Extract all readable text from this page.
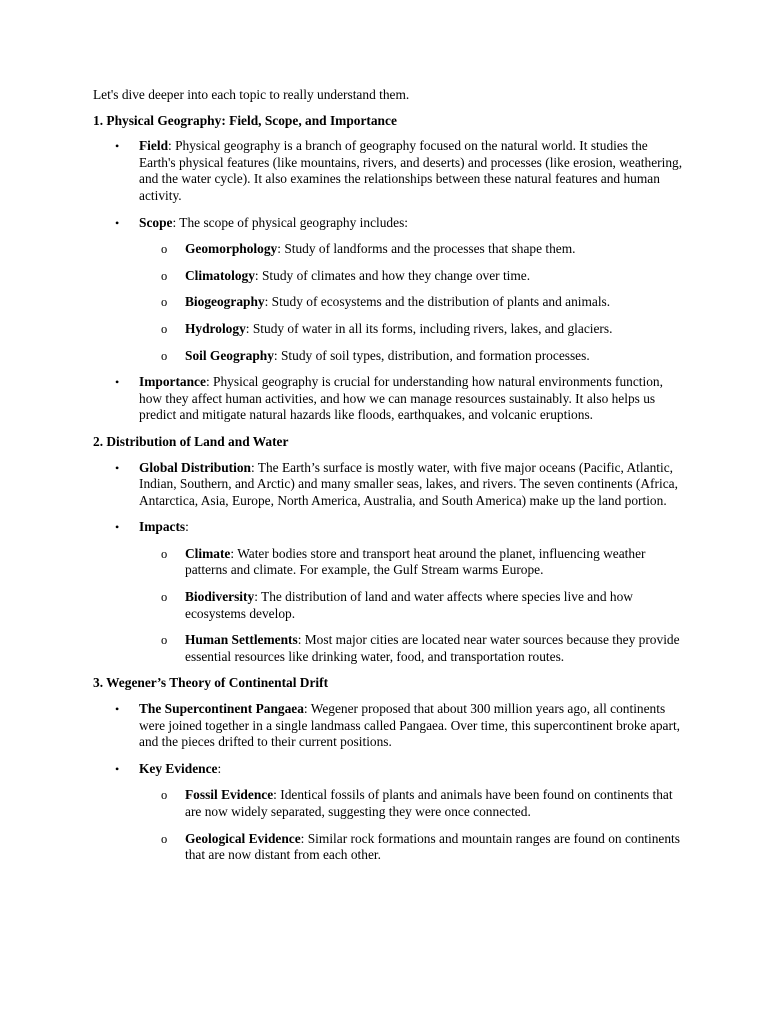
Let's dive deeper into each topic to really understand them.

1. Physical Geography: Field, Scope, and Importance

• Field: Physical geography is a branch of geography focused on the natural world. It studies the Earth's physical features (like mountains, rivers, and deserts) and processes (like erosion, weathering, and the water cycle). It also examines the relationships between these natural features and human activity.
• Scope: The scope of physical geography includes:
o Geomorphology: Study of landforms and the processes that shape them.
o Climatology: Study of climates and how they change over time.
o Biogeography: Study of ecosystems and the distribution of plants and animals.
o Hydrology: Study of water in all its forms, including rivers, lakes, and glaciers.
o Soil Geography: Study of soil types, distribution, and formation processes.
• Importance: Physical geography is crucial for understanding how natural environments function, how they affect human activities, and how we can manage resources sustainably. It also helps us predict and mitigate natural hazards like floods, earthquakes, and volcanic eruptions.

2. Distribution of Land and Water

• Global Distribution: The Earth’s surface is mostly water, with five major oceans (Pacific, Atlantic, Indian, Southern, and Arctic) and many smaller seas, lakes, and rivers. The seven continents (Africa, Antarctica, Asia, Europe, North America, Australia, and South America) make up the land portion.
• Impacts:
o Climate: Water bodies store and transport heat around the planet, influencing weather patterns and climate. For example, the Gulf Stream warms Europe.
o Biodiversity: The distribution of land and water affects where species live and how ecosystems develop.
o Human Settlements: Most major cities are located near water sources because they provide essential resources like drinking water, food, and transportation routes.

3. Wegener’s Theory of Continental Drift

• The Supercontinent Pangaea: Wegener proposed that about 300 million years ago, all continents were joined together in a single landmass called Pangaea. Over time, this supercontinent broke apart, and the pieces drifted to their current positions.
• Key Evidence:
o Fossil Evidence: Identical fossils of plants and animals have been found on continents that are now widely separated, suggesting they were once connected.
o Geological Evidence: Similar rock formations and mountain ranges are found on continents that are now distant from each other.
